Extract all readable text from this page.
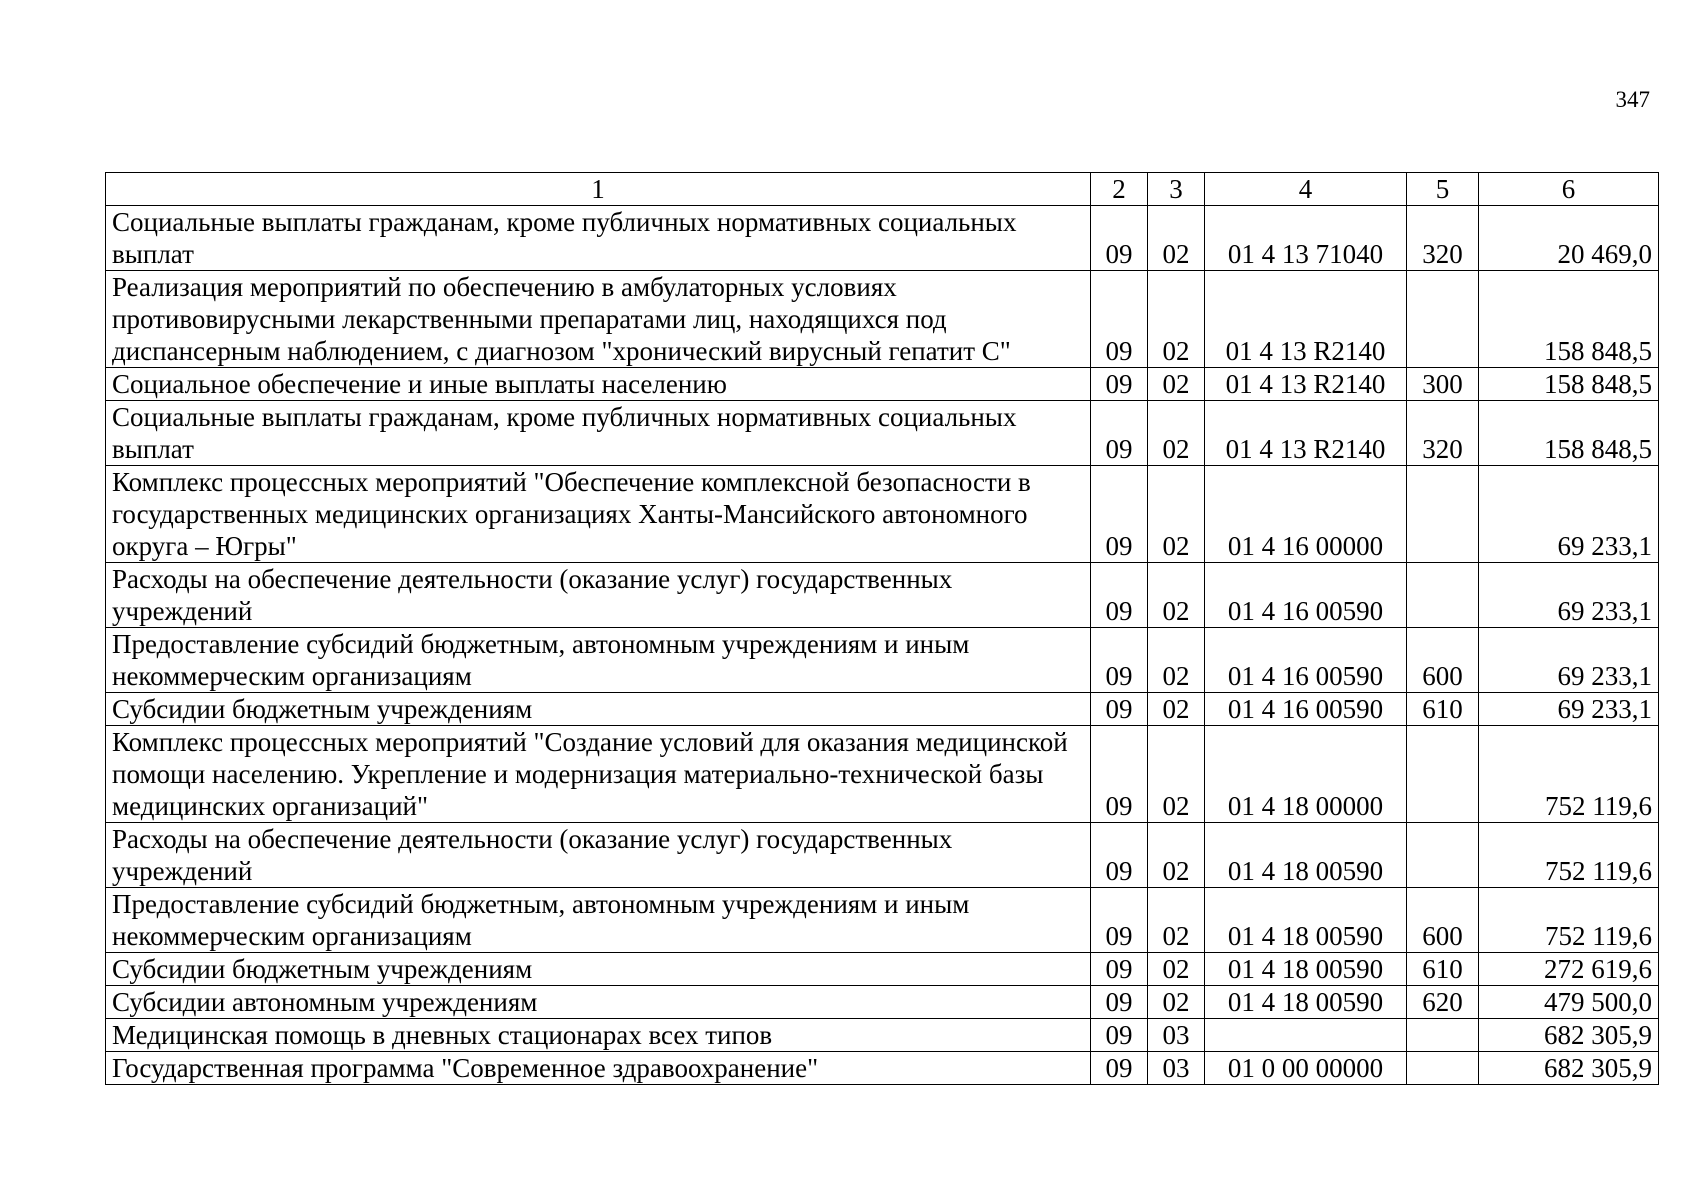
347
1	2	3	4	5	6
Социальные выплаты гражданам, кроме публичных нормативных социальных выплат	09	02	01 4 13 71040	320	20 469,0
Реализация мероприятий по обеспечению в амбулаторных условиях противовирусными лекарственными препаратами лиц, находящихся под диспансерным наблюдением, с диагнозом "хронический вирусный гепатит С"	09	02	01 4 13 R2140		158 848,5
Социальное обеспечение и иные выплаты населению	09	02	01 4 13 R2140	300	158 848,5
Социальные выплаты гражданам, кроме публичных нормативных социальных выплат	09	02	01 4 13 R2140	320	158 848,5
Комплекс процессных мероприятий "Обеспечение комплексной безопасности в государственных медицинских организациях Ханты-Мансийского автономного округа – Югры"	09	02	01 4 16 00000		69 233,1
Расходы на обеспечение деятельности (оказание услуг) государственных учреждений	09	02	01 4 16 00590		69 233,1
Предоставление субсидий бюджетным, автономным учреждениям и иным некоммерческим организациям	09	02	01 4 16 00590	600	69 233,1
Субсидии бюджетным учреждениям	09	02	01 4 16 00590	610	69 233,1
Комплекс процессных мероприятий "Создание условий для оказания медицинской помощи населению. Укрепление и модернизация материально-технической базы медицинских организаций"	09	02	01 4 18 00000		752 119,6
Расходы на обеспечение деятельности (оказание услуг) государственных учреждений	09	02	01 4 18 00590		752 119,6
Предоставление субсидий бюджетным, автономным учреждениям и иным некоммерческим организациям	09	02	01 4 18 00590	600	752 119,6
Субсидии бюджетным учреждениям	09	02	01 4 18 00590	610	272 619,6
Субсидии автономным учреждениям	09	02	01 4 18 00590	620	479 500,0
Медицинская помощь в дневных стационарах всех типов	09	03			682 305,9
Государственная программа "Современное здравоохранение"	09	03	01 0 00 00000		682 305,9
